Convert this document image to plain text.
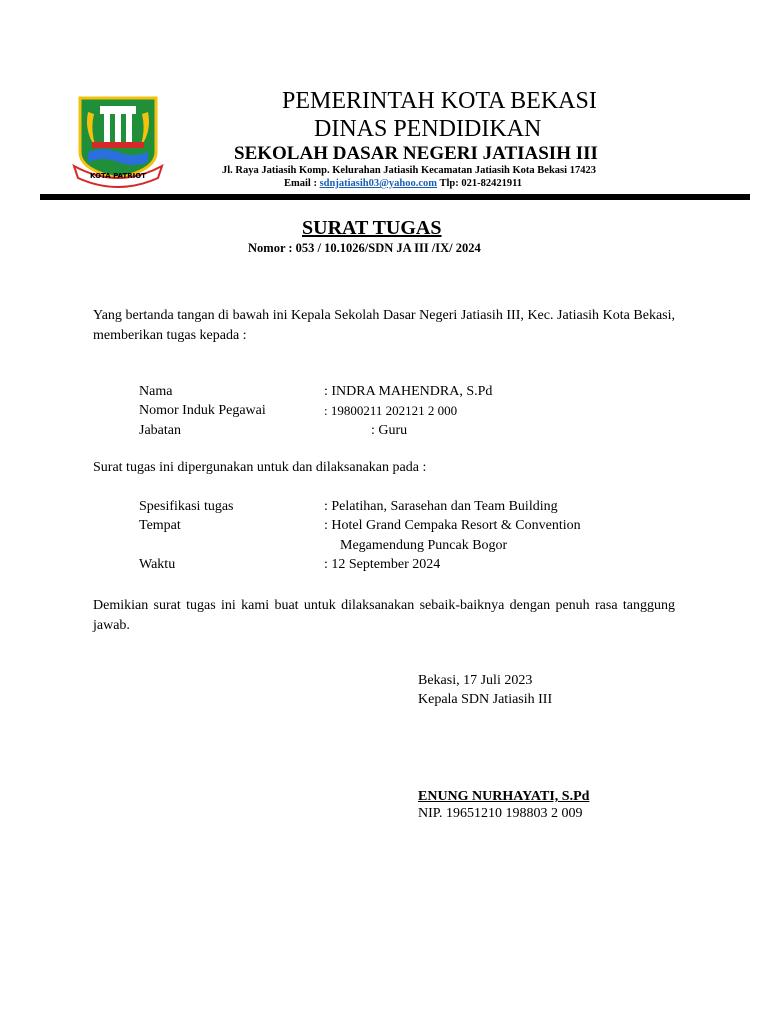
KOTA PATRIOT
PEMERINTAH KOTA BEKASI
DINAS PENDIDIKAN
SEKOLAH DASAR NEGERI JATIASIH III
Jl. Raya Jatiasih Komp. Kelurahan Jatiasih Kecamatan Jatiasih Kota Bekasi 17423
Email : sdnjatiasih03@yahoo.com Tlp: 021-82421911
SURAT TUGAS
Nomor : 053 / 10.1026/SDN JA III /IX/ 2024
Yang bertanda tangan di bawah ini Kepala Sekolah Dasar Negeri Jatiasih III, Kec. Jatiasih Kota Bekasi, memberikan tugas kepada :
Nama	: INDRA MAHENDRA, S.Pd
Nomor Induk Pegawai	: 19800211 202121 2 000
Jabatan	: Guru
Surat tugas ini dipergunakan untuk dan dilaksanakan pada :
Spesifikasi tugas	: Pelatihan, Sarasehan dan Team Building
Tempat	: Hotel Grand Cempaka Resort & Convention
Megamendung Puncak Bogor
Waktu	: 12 September 2024
Demikian surat tugas ini kami buat untuk dilaksanakan sebaik-baiknya dengan penuh rasa tanggung jawab.
Bekasi, 17 Juli 2023
Kepala SDN Jatiasih III
ENUNG NURHAYATI, S.Pd
NIP. 19651210 198803 2 009
